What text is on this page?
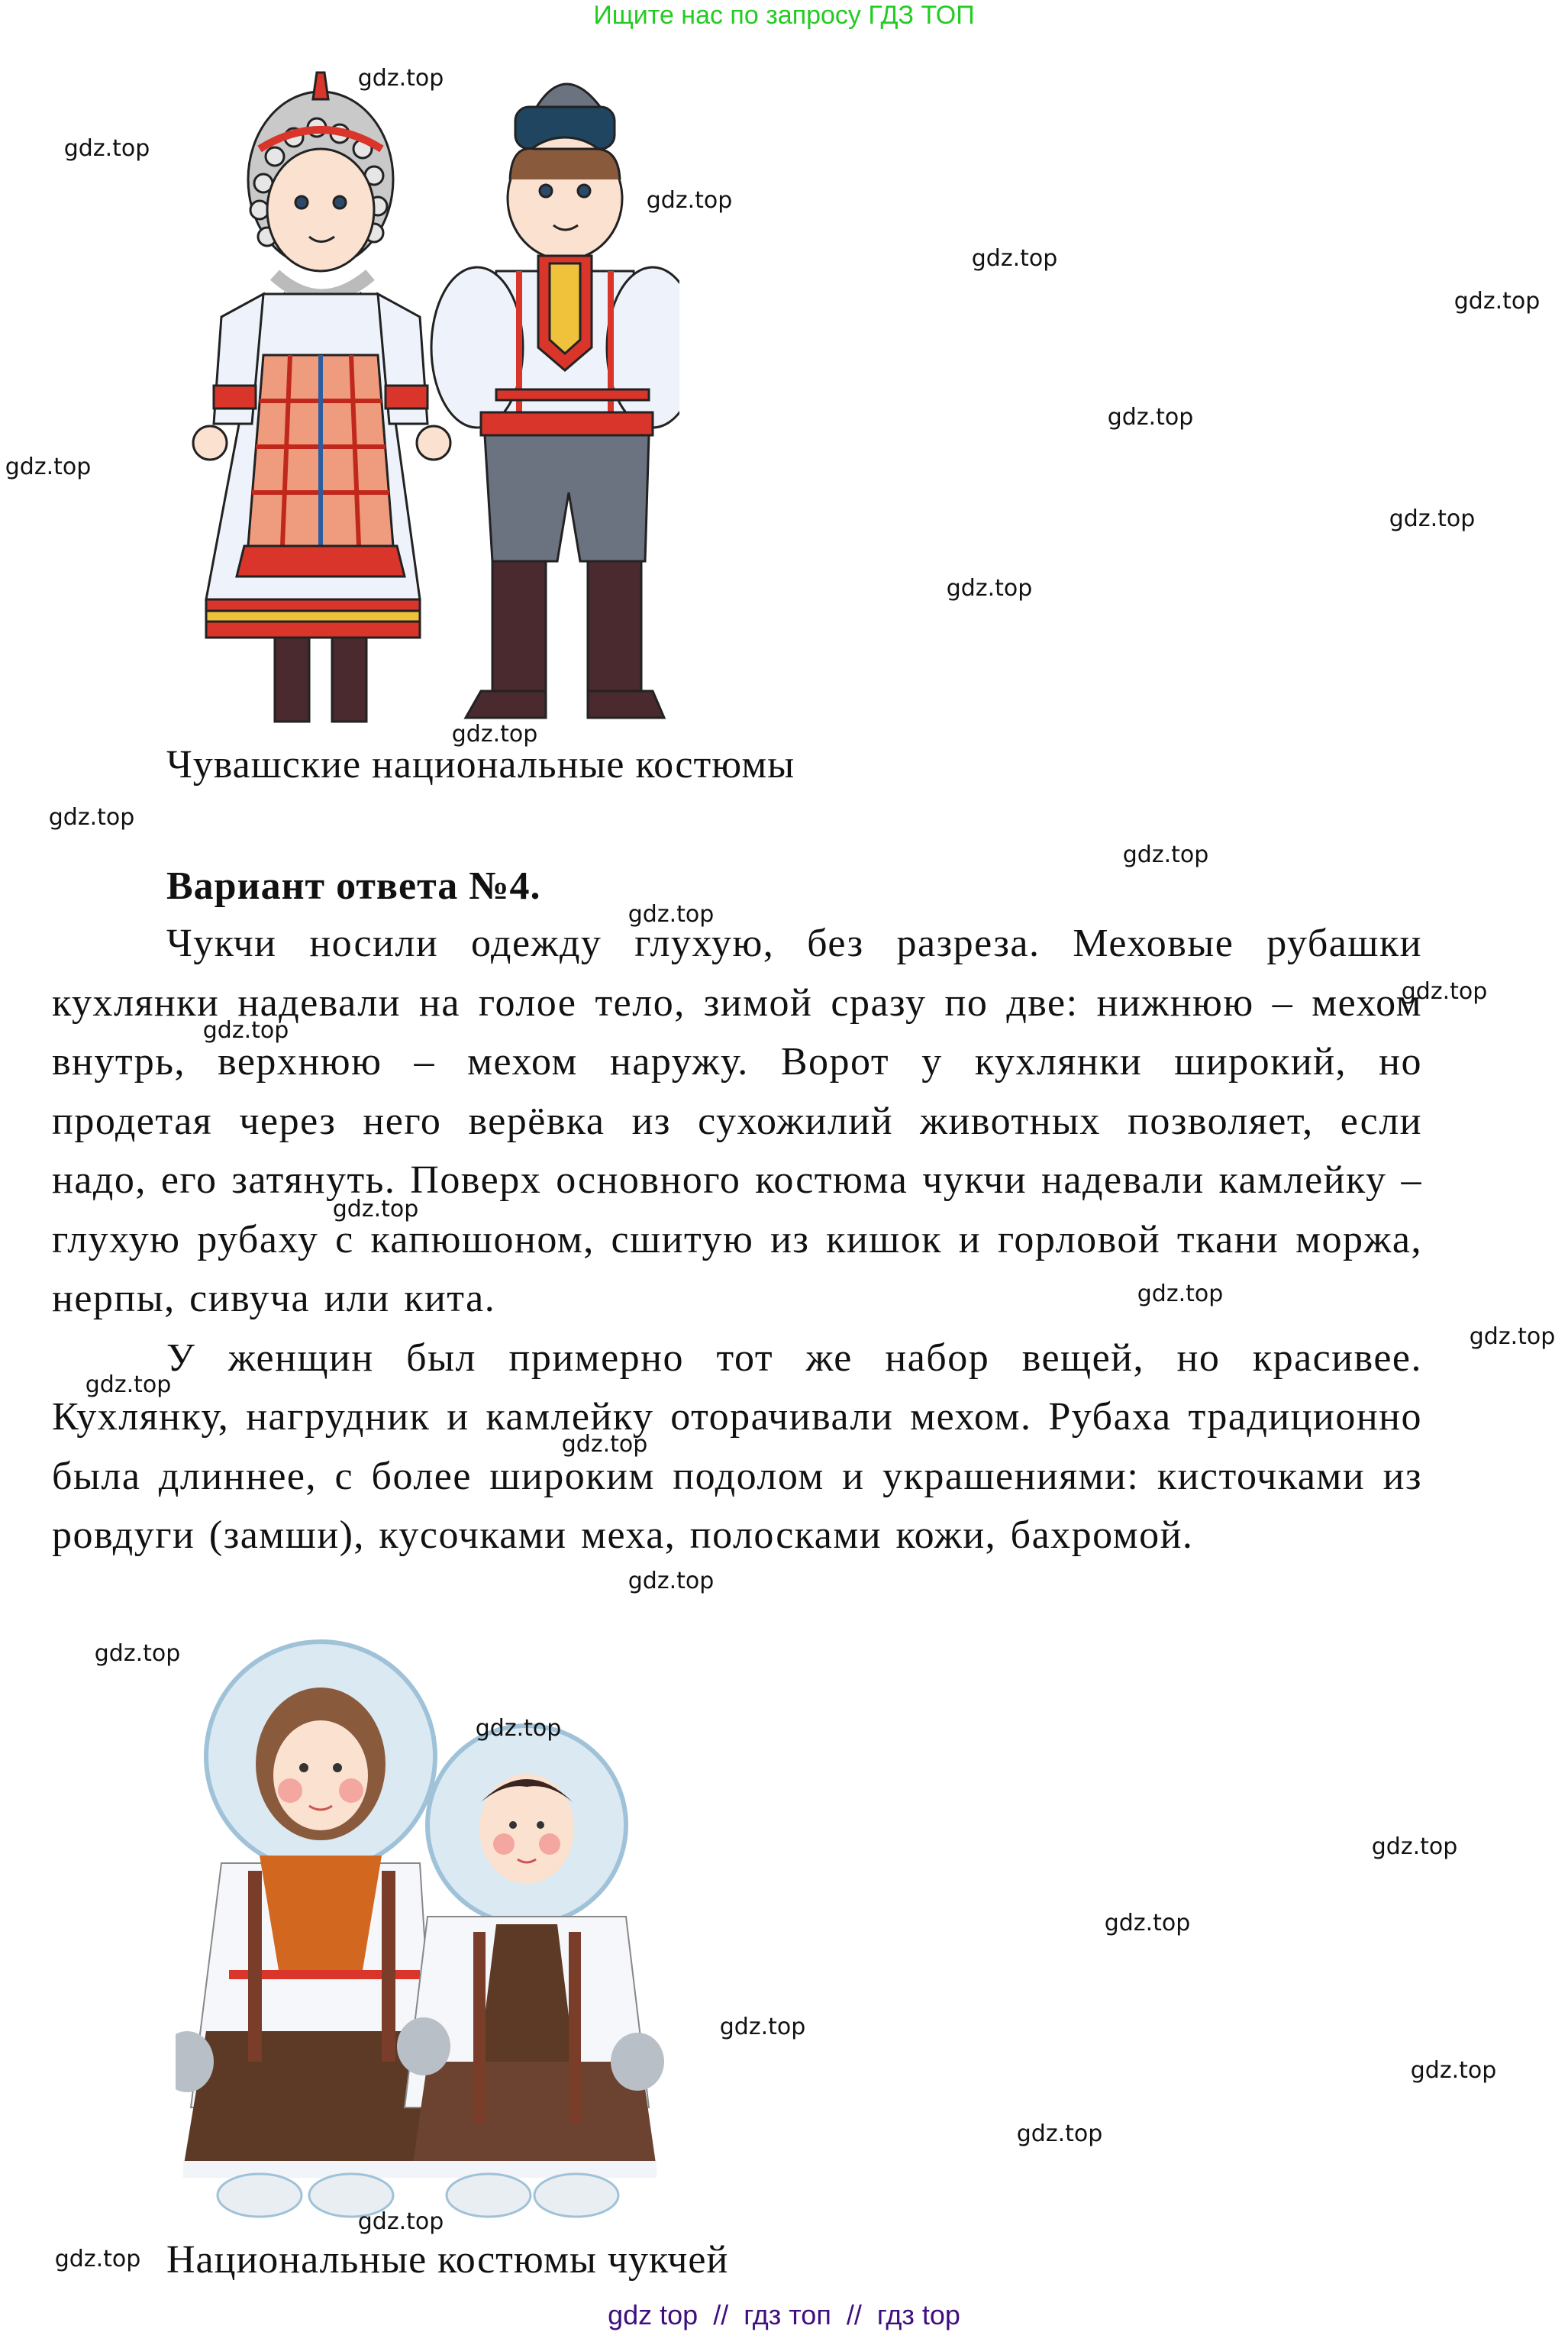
Ищите нас по запросу ГДЗ ТОП
Чувашские национальные костюмы
Вариант ответа №4.

Чукчи носили одежду глухую, без разреза. Меховые рубашки кухлянки надевали на голое тело, зимой сразу по две: нижнюю – мехом внутрь, верхнюю – мехом наружу. Ворот у кухлянки широкий, но продетая через него верёвка из сухожилий животных позволяет, если надо, его затянуть. Поверх основного костюма чукчи надевали камлейку – глухую рубаху с капюшоном, сшитую из кишок и горловой ткани моржа, нерпы, сивуча или кита.

У женщин был примерно тот же набор вещей, но красивее. Кухлянку, нагрудник и камлейку оторачивали мехом. Рубаха традиционно была длиннее, с более широким подолом и украшениями: кисточками из ровдуги (замши), кусочками меха, полосками кожи, бахромой.

Национальные костюмы чукчей
gdz top  //  гдз топ  //  гдз top
gdz.top
gdz.top
gdz.top
gdz.top
gdz.top
gdz.top
gdz.top
gdz.top
gdz.top
gdz.top
gdz.top
gdz.top
gdz.top
gdz.top
gdz.top
gdz.top
gdz.top
gdz.top
gdz.top
gdz.top
gdz.top
gdz.top
gdz.top
gdz.top
gdz.top
gdz.top
gdz.top
gdz.top
gdz.top
gdz.top
